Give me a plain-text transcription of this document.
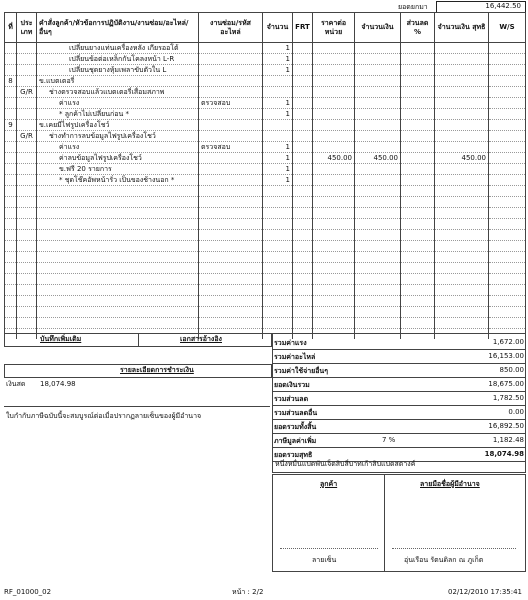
ยอดยกมา	16,442.50
ที่	ประ เภท	คำสั่งลูกค้า/หัวข้อการปฏิบัติงาน/งานซ่อม/อะไหล่/อื่นๆ	งานซ่อม/รหัสอะไหล่	จำนวน	FRT	ราคาต่อ หน่วย	จำนวนเงิน	ส่วนลด %	จำนวนเงิน สุทธิ	W/S
		เปลี่ยนยางแท่นเครื่องหลัง เกียรออโต้		1						
		เปลี่ยนข้อต่อเหล็กกันโคลงหน้า L-R		1						
		เปลี่ยนชุดยางหุ้มเพลาขับตัวใน L		1						
8		ข.แบตเตอรี่								
	G/R	ช่างตรวจสอบแล้วแบตเตอรี่เสื่อมสภาพ								
		ค่าแรง	ตรวจสอบ	1						
		* ลูกค้าไม่เปลี่ยนก่อน *		1						
9		ข.เคยมีไฟรูปเครื่องโชว์								
	G/R	ช่างทำการลบข้อมูลไฟรูปเครื่องโชว์								
		ค่าแรง	ตรวจสอบ	1						
		ค่าลบข้อมูลไฟรูปเครื่องโชว์		1		450.00	450.00		450.00	
		ข.ฟรี 20 รายการ		1						
		* ชุดโช๊คอัพหน้ารั่ว เป็นของช้างนอก *		1						

บันทึกเพิ่มเติม	เอกสารอ้างอิง
รายละเอียดการชำระเงิน
เงินสด 18,074.98
ใบกำกับภาษีฉบับนี้จะสมบูรณ์ต่อเมื่อปรากฏลายเซ็นของผู้มีอำนาจ
รวมค่าแรง	1,672.00
รวมค่าอะไหล่	16,153.00
รวมค่าใช้จ่ายอื่นๆ	850.00
ยอดเงินรวม	18,675.00
รวมส่วนลด	1,782.50
รวมส่วนลดอื่น	0.00
ยอดรวมทั้งสิ้น	16,892.50
ภาษีมูลค่าเพิ่ม	7 %	1,182.48
ยอดรวมสุทธิ	18,074.98
หนึ่งหมื่นแปดพันเจ็ดสิบสี่บาทเก้าสิบแปดสตางค์
ลูกค้า	ลายมือชื่อผู้มีอำนาจ
ลายเซ็น	อุ่นเรือน รัตนดิลก ณ ภูเก็ต
RF_01000_02	หน้า : 2/2	02/12/2010 17:35:41
